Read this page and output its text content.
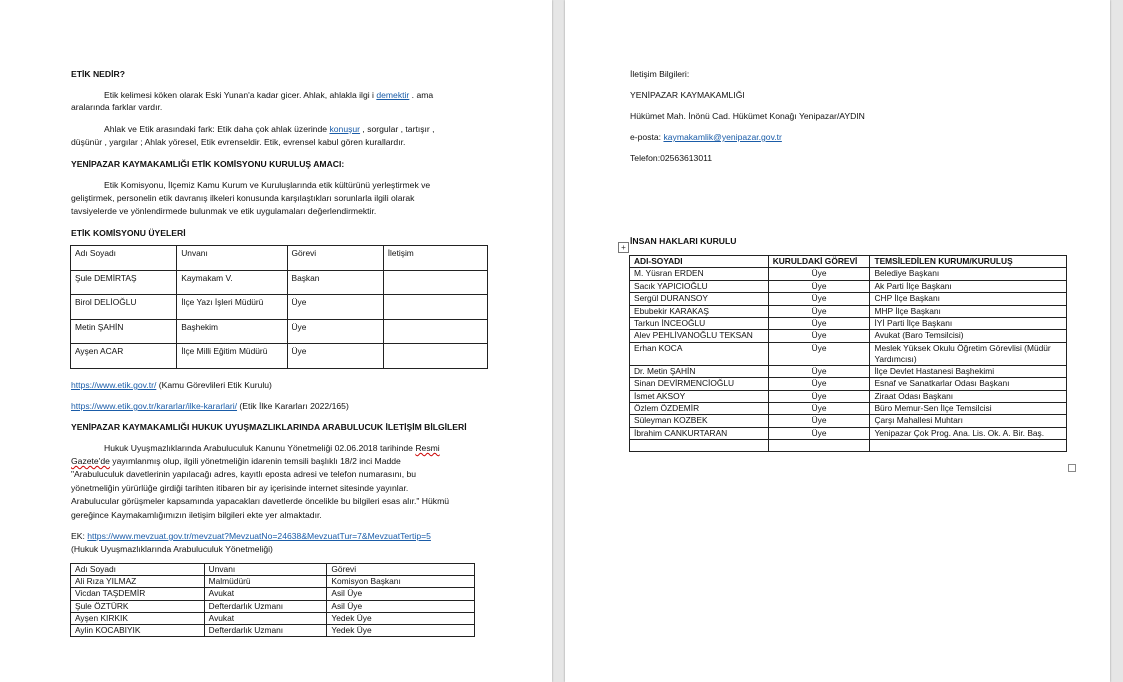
ETİK NEDİR?
Etik kelimesi köken olarak Eski Yunan'a kadar gicer. Ahlak, ahlakla ilgi i demektir . ama
aralarında farklar vardır.
Ahlak ve Etik arasındaki fark: Etik daha çok ahlak üzerinde konuşur , sorgular , tartışır ,
düşünür , yargılar ; Ahlak yöresel, Etik evrenseldir. Etik, evrensel kabul gören kurallardır.
YENİPAZAR KAYMAKAMLIĞI ETİK KOMİSYONU KURULUŞ AMACI:
Etik Komisyonu, İlçemiz Kamu Kurum ve Kuruluşlarında etik kültürünü yerleştirmek ve
geliştirmek, personelin etik davranış ilkeleri konusunda karşılaştıkları sorunlarla ilgili olarak
tavsiyelerde ve yönlendirmede bulunmak ve etik uygulamaları değerlendirmektir.
ETİK KOMİSYONU ÜYELERİ
Adı Soyadı	Unvanı	Görevi	İletişim
Şule DEMİRTAŞ	Kaymakam V.	Başkan	
Birol DELİOĞLU	İlçe Yazı İşleri Müdürü	Üye	
Metin ŞAHİN	Başhekim	Üye	
Ayşen ACAR	İlçe Milli Eğitim Müdürü	Üye	
https://www.etik.gov.tr/ (Kamu Görevlileri Etik Kurulu)
https://www.etik.gov.tr/kararlar/ilke-kararlari/ (Etik İlke Kararları 2022/165)
YENİPAZAR KAYMAKAMLIĞI HUKUK UYUŞMAZLIKLARINDA ARABULUCUK İLETİŞİM BİLGİLERİ
Hukuk Uyuşmazlıklarında Arabuluculuk Kanunu Yönetmeliği 02.06.2018 tarihinde Resmi
Gazete'de yayımlanmış olup, ilgili yönetmeliğin idarenin temsili başlıklı 18/2 inci Madde
"Arabuluculuk davetlerinin yapılacağı adres, kayıtlı eposta adresi ve telefon numarasını, bu
yönetmeliğin yürürlüğe girdiği tarihten itibaren bir ay içerisinde internet sitesinde yayınlar.
Arabulucular görüşmeler kapsamında yapacakları davetlerde öncelikle bu bilgileri esas alır." Hükmü
gereğince Kaymakamlığımızın iletişim bilgileri ekte yer almaktadır.
EK: https://www.mevzuat.gov.tr/mevzuat?MevzuatNo=24638&MevzuatTur=7&MevzuatTertip=5
(Hukuk Uyuşmazlıklarında Arabuluculuk Yönetmeliği)
Adı Soyadı	Unvanı	Görevi
Ali Rıza YILMAZ	Malmüdürü	Komisyon Başkanı
Vicdan TAŞDEMİR	Avukat	Asil Üye
Şule ÖZTÜRK	Defterdarlık Uzmanı	Asil Üye
Ayşen KIRKIK	Avukat	Yedek Üye
Aylin KOCABIYIK	Defterdarlık Uzmanı	Yedek Üye
İletişim Bilgileri:
YENİPAZAR KAYMAKAMLIĞI
Hükümet Mah. İnönü Cad. Hükümet Konağı Yenipazar/AYDIN
e-posta: kaymakamlik@yenipazar.gov.tr
Telefon:02563613011
+
İNSAN HAKLARI KURULU
ADI-SOYADI	KURULDAKİ GÖREVİ	TEMSİLEDİLEN KURUM/KURULUŞ
M. Yüsran ERDEN	Üye	Belediye Başkanı
Sacık YAPICIOĞLU	Üye	Ak Parti İlçe Başkanı
Sergül DURANSOY	Üye	CHP İlçe Başkanı
Ebubekir KARAKAŞ	Üye	MHP İlçe Başkanı
Tarkun İNCEOĞLU	Üye	İYİ Parti İlçe Başkanı
Alev PEHLİVANOĞLU TEKSAN	Üye	Avukat (Baro Temsilcisi)
Erhan KOCA	Üye	Meslek Yüksek Okulu Öğretim Görevlisi (Müdür Yardımcısı)
Dr. Metin ŞAHİN	Üye	İlçe Devlet Hastanesi Başhekimi
Sinan DEVİRMENCİOĞLU	Üye	Esnaf ve Sanatkarlar Odası Başkanı
İsmet AKSOY	Üye	Ziraat Odası Başkanı
Özlem ÖZDEMİR	Üye	Büro Memur-Sen İlçe Temsilcisi
Süleyman KOZBEK	Üye	Çarşı Mahallesi Muhtarı
İbrahim CANKURTARAN	Üye	Yenipazar Çok Prog. Ana. Lis. Ok. A. Bir. Baş.
